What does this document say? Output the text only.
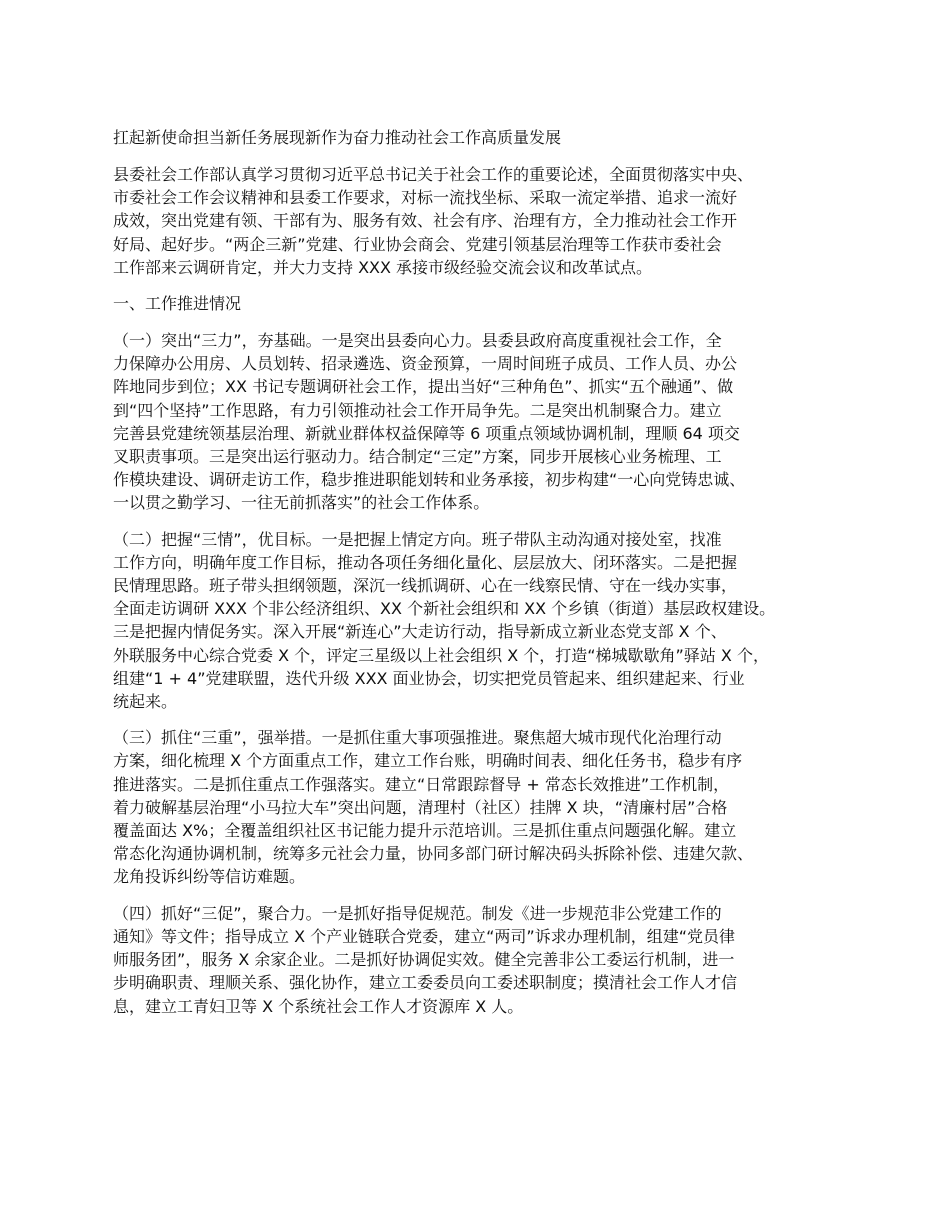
扛起新使命担当新任务展现新作为奋力推动社会工作高质量发展
县委社会工作部认真学习贯彻习近平总书记关于社会工作的重要论述，全面贯彻落实中央、
市委社会工作会议精神和县委工作要求，对标一流找坐标、采取一流定举措、追求一流好
成效，突出党建有领、干部有为、服务有效、社会有序、治理有方，全力推动社会工作开
好局、起好步。“两企三新”党建、行业协会商会、党建引领基层治理等工作获市委社会
工作部来云调研肯定，并大力支持 XXX 承接市级经验交流会议和改革试点。
一、工作推进情况
（一）突出“三力”，夯基础。一是突出县委向心力。县委县政府高度重视社会工作，全
力保障办公用房、人员划转、招录遴选、资金预算，一周时间班子成员、工作人员、办公
阵地同步到位；XX 书记专题调研社会工作，提出当好“三种角色”、抓实“五个融通”、做
到“四个坚持”工作思路，有力引领推动社会工作开局争先。二是突出机制聚合力。建立
完善县党建统领基层治理、新就业群体权益保障等 6 项重点领域协调机制，理顺 64 项交
叉职责事项。三是突出运行驱动力。结合制定“三定”方案，同步开展核心业务梳理、工
作模块建设、调研走访工作，稳步推进职能划转和业务承接，初步构建“一心向党铸忠诚、
一以贯之勤学习、一往无前抓落实”的社会工作体系。
（二）把握“三情”，优目标。一是把握上情定方向。班子带队主动沟通对接处室，找准
工作方向，明确年度工作目标，推动各项任务细化量化、层层放大、闭环落实。二是把握
民情理思路。班子带头担纲领题，深沉一线抓调研、心在一线察民情、守在一线办实事，
全面走访调研 XXX 个非公经济组织、XX 个新社会组织和 XX 个乡镇（街道）基层政权建设。
三是把握内情促务实。深入开展“新连心”大走访行动，指导新成立新业态党支部 X 个、
外联服务中心综合党委 X 个，评定三星级以上社会组织 X 个，打造“梯城歇歇角”驿站 X 个，
组建“1 + 4”党建联盟，迭代升级 XXX 面业协会，切实把党员管起来、组织建起来、行业
统起来。
（三）抓住“三重”，强举措。一是抓住重大事项强推进。聚焦超大城市现代化治理行动
方案，细化梳理 X 个方面重点工作，建立工作台账，明确时间表、细化任务书，稳步有序
推进落实。二是抓住重点工作强落实。建立“日常跟踪督导 + 常态长效推进”工作机制，
着力破解基层治理“小马拉大车”突出问题，清理村（社区）挂牌 X 块，“清廉村居”合格
覆盖面达 X%；全覆盖组织社区书记能力提升示范培训。三是抓住重点问题强化解。建立
常态化沟通协调机制，统筹多元社会力量，协同多部门研讨解决码头拆除补偿、违建欠款、
龙角投诉纠纷等信访难题。
（四）抓好“三促”，聚合力。一是抓好指导促规范。制发《进一步规范非公党建工作的
通知》等文件；指导成立 X 个产业链联合党委，建立“两司”诉求办理机制，组建“党员律
师服务团”，服务 X 余家企业。二是抓好协调促实效。健全完善非公工委运行机制，进一
步明确职责、理顺关系、强化协作，建立工委委员向工委述职制度；摸清社会工作人才信
息，建立工青妇卫等 X 个系统社会工作人才资源库 X 人。
